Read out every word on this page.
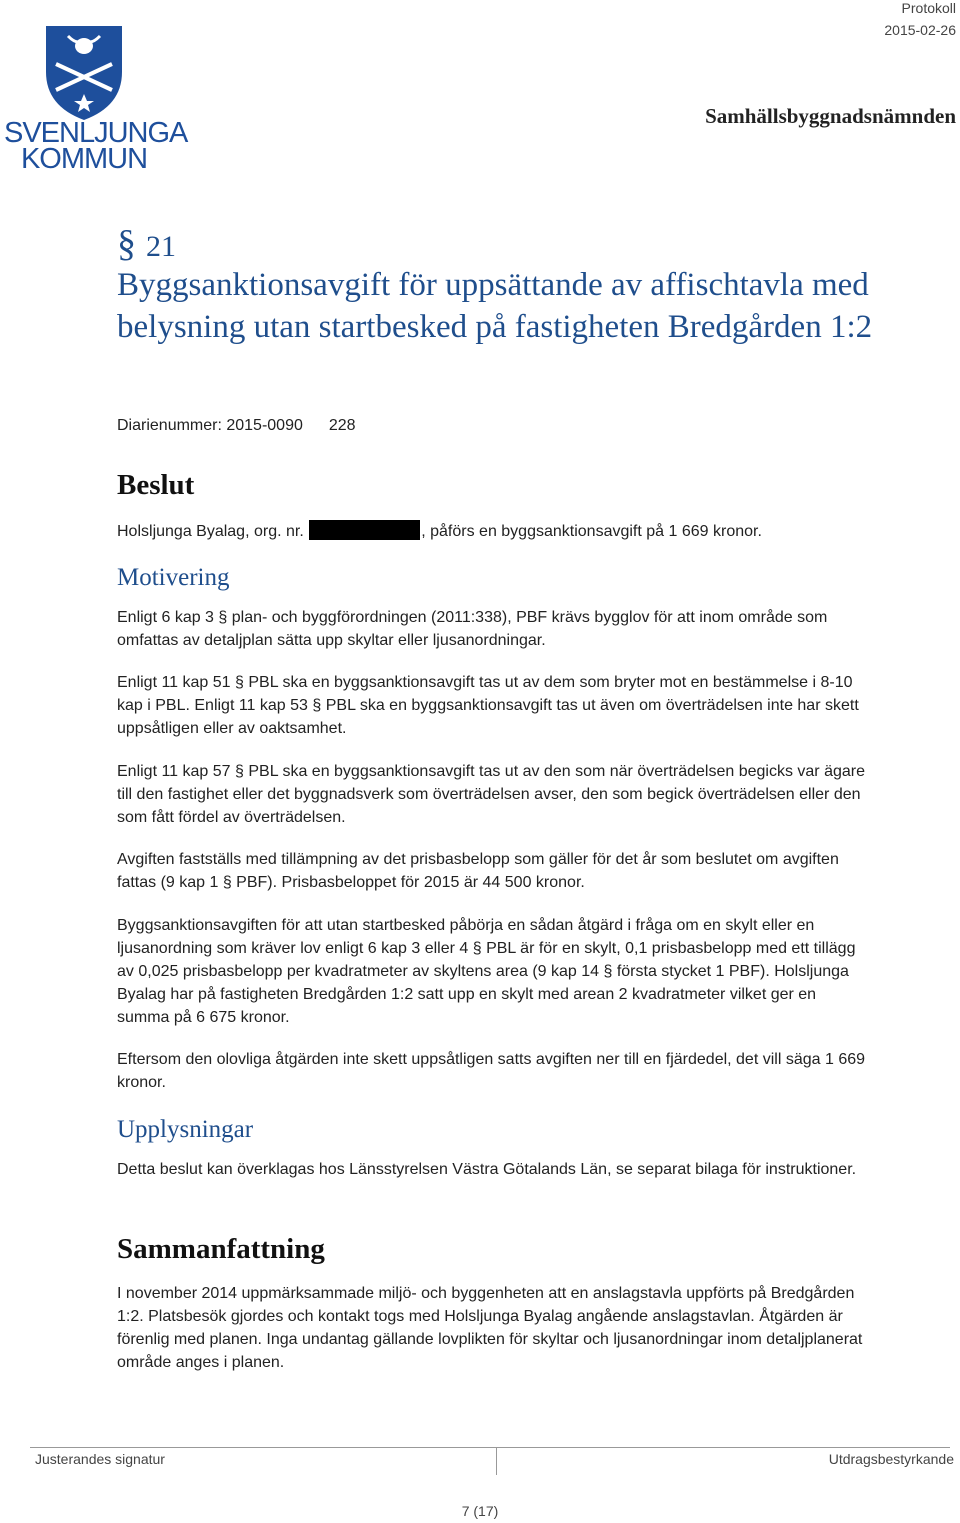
SVENLJUNGA
KOMMUN
Protokoll
2015-02-26
Samhällsbyggnadsnämnden
§ 21
Byggsanktionsavgift för uppsättande av affischtavla med belysning utan startbesked på fastigheten Bredgården 1:2
Diarienummer: 2015-0090 228
Beslut
Holsljunga Byalag, org. nr.	, påförs en byggsanktionsavgift på 1 669 kronor.
Motivering
Enligt 6 kap 3 § plan- och byggförordningen (2011:338), PBF krävs bygglov för att inom område som omfattas av detaljplan sätta upp skyltar eller ljusanordningar.
Enligt 11 kap 51 § PBL ska en byggsanktionsavgift tas ut av dem som bryter mot en bestämmelse i 8-10 kap i PBL. Enligt 11 kap 53 § PBL ska en byggsanktionsavgift tas ut även om överträdelsen inte har skett uppsåtligen eller av oaktsamhet.
Enligt 11 kap 57 § PBL ska en byggsanktionsavgift tas ut av den som när överträdelsen begicks var ägare till den fastighet eller det byggnadsverk som överträdelsen avser, den som begick överträdelsen eller den som fått fördel av överträdelsen.
Avgiften fastställs med tillämpning av det prisbasbelopp som gäller för det år som beslutet om avgiften fattas (9 kap 1 § PBF). Prisbasbeloppet för 2015 är 44 500 kronor.
Byggsanktionsavgiften för att utan startbesked påbörja en sådan åtgärd i fråga om en skylt eller en ljusanordning som kräver lov enligt 6 kap 3 eller 4 § PBL är för en skylt, 0,1 prisbasbelopp med ett tillägg av 0,025 prisbasbelopp per kvadratmeter av skyltens area (9 kap 14 § första stycket 1 PBF). Holsljunga Byalag har på fastigheten Bredgården 1:2 satt upp en skylt med arean 2 kvadratmeter vilket ger en summa på 6 675 kronor.
Eftersom den olovliga åtgärden inte skett uppsåtligen satts avgiften ner till en fjärdedel, det vill säga 1 669 kronor.
Upplysningar
Detta beslut kan överklagas hos Länsstyrelsen Västra Götalands Län, se separat bilaga för instruktioner.
Sammanfattning
I november 2014 uppmärksammade miljö- och byggenheten att en anslagstavla uppförts på Bredgården 1:2. Platsbesök gjordes och kontakt togs med Holsljunga Byalag angående anslagstavlan. Åtgärden är förenlig med planen. Inga undantag gällande lovplikten för skyltar och ljusanordningar inom detaljplanerat område anges i planen.
Justerandes signatur	Utdragsbestyrkande
7 (17)
